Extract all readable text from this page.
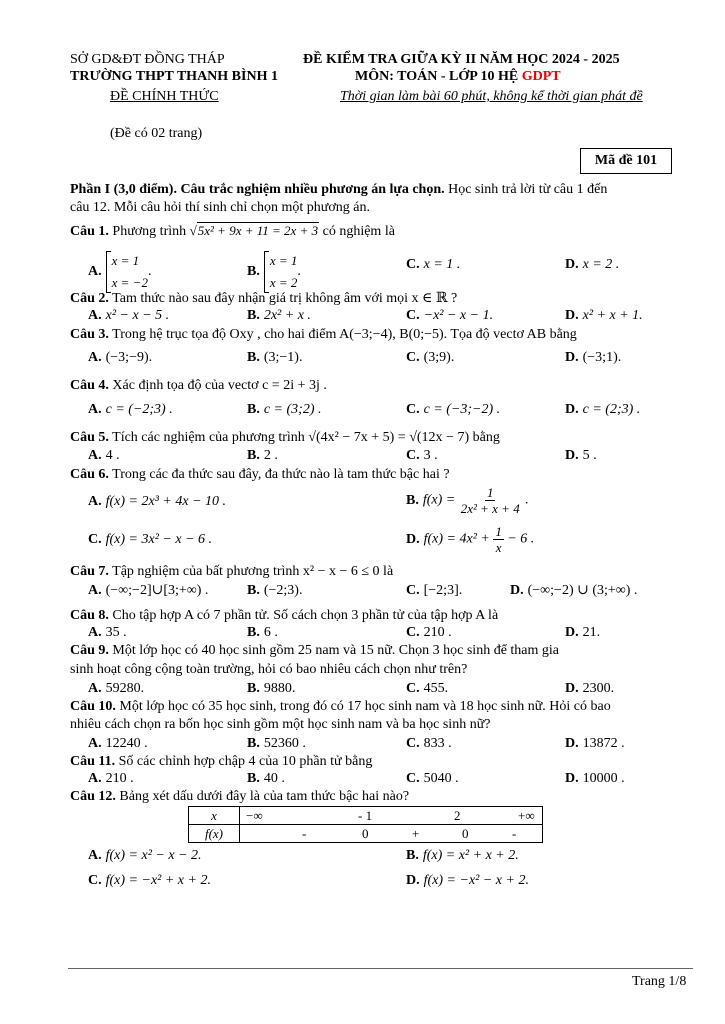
SỞ GD&ĐT ĐỒNG THÁP
TRƯỜNG THPT THANH BÌNH 1
ĐỀ CHÍNH THỨC
ĐỀ KIỂM TRA GIỮA KỲ II NĂM HỌC 2024 - 2025
MÔN: TOÁN - LỚP 10 HỆ GDPT
Thời gian làm bài 60 phút, không kể thời gian phát đề
(Đề có 02 trang)
Mã đề 101
Phần I (3,0 điểm). Câu trắc nghiệm nhiều phương án lựa chọn. Học sinh trả lời từ câu 1 đến
câu 12. Mỗi câu hỏi thí sinh chỉ chọn một phương án.
Câu 1. Phương trình √5x² + 9x + 11 = 2x + 3 có nghiệm là
A.
x = 1
x = −2
.	B.
x = 1
x = 2
.	C. x = 1 .	D. x = 2 .
Câu 2. Tam thức nào sau đây nhận giá trị không âm với mọi x ∈ ℝ ?
A. x² − x − 5 .	B. 2x² + x .	C. −x² − x − 1.	D. x² + x + 1.
Câu 3. Trong hệ trục tọa độ Oxy , cho hai điểm A(−3;−4), B(0;−5). Tọa độ vectơ AB bằng
A. (−3;−9).	B. (3;−1).	C. (3;9).	D. (−3;1).
Câu 4. Xác định tọa độ của vectơ c = 2i + 3j .
A. c = (−2;3) .	B. c = (3;2) .	C. c = (−3;−2) .	D. c = (2;3) .
Câu 5. Tích các nghiệm của phương trình √(4x² − 7x + 5) = √(12x − 7) bằng
A. 4 .	B. 2 .	C. 3 .	D. 5 .
Câu 6. Trong các đa thức sau đây, đa thức nào là tam thức bậc hai ?
A. f(x) = 2x³ + 4x − 10 .	B. $f(x) = \frac{1}{\text{2x² + x + 4}}$ .
C. f(x) = 3x² − x − 6 .	D. $f(x) = 4x^2 + \frac{1}{x} - 6$ .
Câu 7. Tập nghiệm của bất phương trình x² − x − 6 ≤ 0 là
A. (−∞;−2]∪[3;+∞) .	B. (−2;3).	C. [−2;3].	D. (−∞;−2) ∪ (3;+∞) .
Câu 8. Cho tập hợp A có 7 phần tử. Số cách chọn 3 phần tử của tập hợp A là
A. 35 .	B. 6 .	C. 210 .	D. 21.
Câu 9. Một lớp học có 40 học sinh gồm 25 nam và 15 nữ. Chọn 3 học sinh để tham gia
sinh hoạt công cộng toàn trường, hỏi có bao nhiêu cách chọn như trên?
A. 59280.	B. 9880.	C. 455.	D. 2300.
Câu 10. Một lớp học có 35 học sinh, trong đó có 17 học sinh nam và 18 học sinh nữ. Hỏi có bao
nhiêu cách chọn ra bốn học sinh gồm một học sinh nam và ba học sinh nữ?
A. 12240 .	B. 52360 .	C. 833 .	D. 13872 .
Câu 11. Số các chỉnh hợp chập 4 của 10 phần tử bằng
A. 210 .	B. 40 .	C. 5040 .	D. 10000 .
Câu 12. Bảng xét dấu dưới đây là của tam thức bậc hai nào?
x	−∞ - 1 2 +∞

f(x)	- 0 + 0 -
A. f(x) = x² − x − 2.	B. f(x) = x² + x + 2.
C. f(x) = −x² + x + 2.	D. f(x) = −x² − x + 2.
Trang 1/8
